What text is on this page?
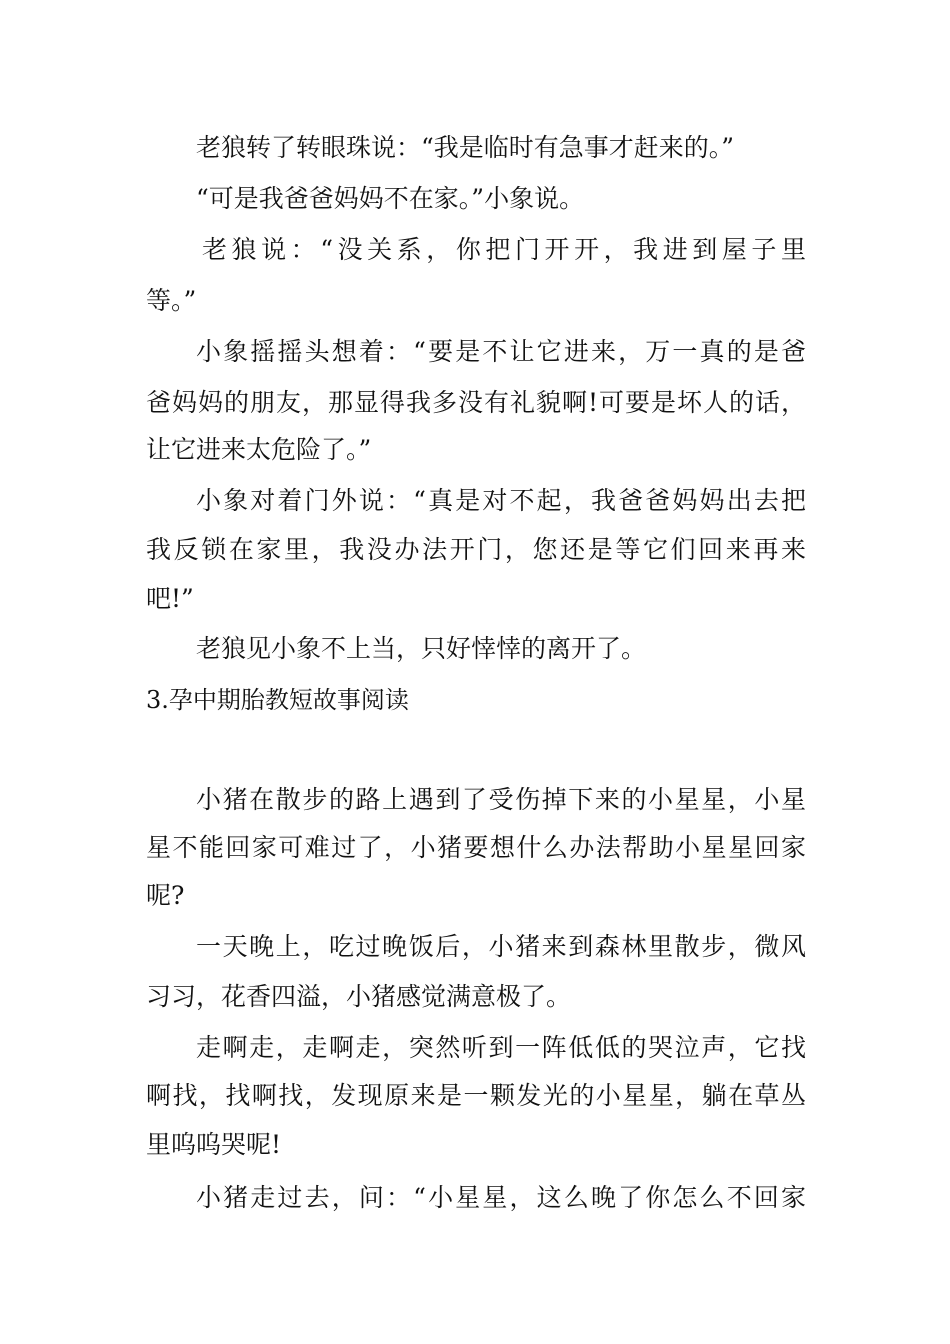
老狼转了转眼珠说：“我是临时有急事才赶来的。”
“可是我爸爸妈妈不在家。”小象说。
老狼说：“没关系，你把门开开，我进到屋子里
等。”
小象摇摇头想着：“要是不让它进来，万一真的是爸
爸妈妈的朋友，那显得我多没有礼貌啊!可要是坏人的话，
让它进来太危险了。”
小象对着门外说：“真是对不起，我爸爸妈妈出去把
我反锁在家里，我没办法开门，您还是等它们回来再来
吧!”
老狼见小象不上当，只好悻悻的离开了。
3.孕中期胎教短故事阅读
小猪在散步的路上遇到了受伤掉下来的小星星，小星
星不能回家可难过了，小猪要想什么办法帮助小星星回家
呢?
一天晚上，吃过晚饭后，小猪来到森林里散步，微风
习习，花香四溢，小猪感觉满意极了。
走啊走，走啊走，突然听到一阵低低的哭泣声，它找
啊找，找啊找，发现原来是一颗发光的小星星，躺在草丛
里呜呜哭呢!
小猪走过去，问：“小星星，这么晚了你怎么不回家
